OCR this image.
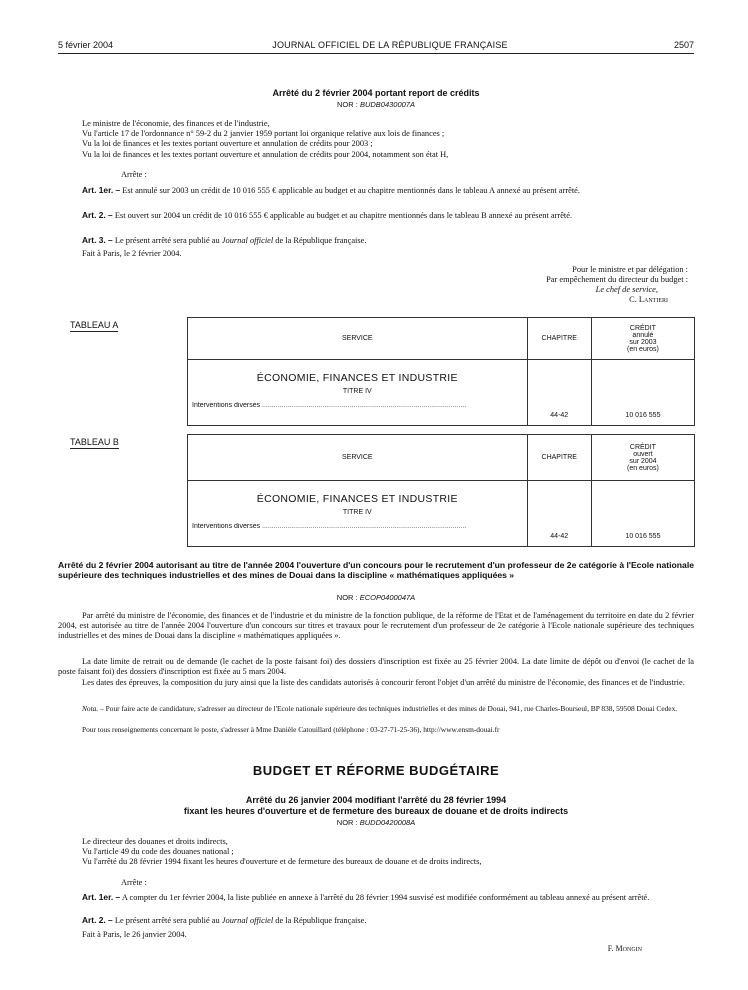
5 février 2004	JOURNAL OFFICIEL DE LA RÉPUBLIQUE FRANÇAISE	2507
Arrêté du 2 février 2004 portant report de crédits
NOR : BUDB0430007A
Le ministre de l'économie, des finances et de l'industrie,
Vu l'article 17 de l'ordonnance n° 59-2 du 2 janvier 1959 portant loi organique relative aux lois de finances ;
Vu la loi de finances et les textes portant ouverture et annulation de crédits pour 2003 ;
Vu la loi de finances et les textes portant ouverture et annulation de crédits pour 2004, notamment son état H,
Arrête :
Art. 1er. – Est annulé sur 2003 un crédit de 10 016 555 € applicable au budget et au chapitre mentionnés dans le tableau A annexé au présent arrêté.
Art. 2. – Est ouvert sur 2004 un crédit de 10 016 555 € applicable au budget et au chapitre mentionnés dans le tableau B annexé au présent arrêté.
Art. 3. – Le présent arrêté sera publié au Journal officiel de la République française.
Fait à Paris, le 2 février 2004.
Pour le ministre et par délégation :
Par empêchement du directeur du budget :
Le chef de service,
C. Lantieri
TABLEAU A
SERVICE	CHAPITRE	CRÉDIT
annulé
sur 2003
(en euros)

ÉCONOMIE, FINANCES ET INDUSTRIE
TITRE IV
Interventions diverses .........................................................................................................	44-42	10 016 555
TABLEAU B
SERVICE	CHAPITRE	CRÉDIT
ouvert
sur 2004
(en euros)

ÉCONOMIE, FINANCES ET INDUSTRIE
TITRE IV
Interventions diverses .........................................................................................................	44-42	10 016 555
Arrêté du 2 février 2004 autorisant au titre de l'année 2004 l'ouverture d'un concours pour le recrutement d'un professeur de 2e catégorie à l'Ecole nationale supérieure des techniques industrielles et des mines de Douai dans la discipline « mathématiques appliquées »
NOR : ECOP0400047A
Par arrêté du ministre de l'économie, des finances et de l'industrie et du ministre de la fonction publique, de la réforme de l'Etat et de l'aménagement du territoire en date du 2 février 2004, est autorisée au titre de l'année 2004 l'ouverture d'un concours sur titres et travaux pour le recrutement d'un professeur de 2e catégorie à l'Ecole nationale supérieure des techniques industrielles et des mines de Douai dans la discipline « mathématiques appliquées ».
La date limite de retrait ou de demande (le cachet de la poste faisant foi) des dossiers d'inscription est fixée au 25 février 2004. La date limite de dépôt ou d'envoi (le cachet de la poste faisant foi) des dossiers d'inscription est fixée au 5 mars 2004.
Les dates des épreuves, la composition du jury ainsi que la liste des candidats autorisés à concourir feront l'objet d'un arrêté du ministre de l'économie, des finances et de l'industrie.
Nota. – Pour faire acte de candidature, s'adresser au directeur de l'Ecole nationale supérieure des techniques industrielles et des mines de Douai, 941, rue Charles-Bourseul, BP 838, 59508 Douai Cedex.
Pour tous renseignements concernant le poste, s'adresser à Mme Danièle Catouillard (téléphone : 03-27-71-25-36), http://www.ensm-douai.fr
BUDGET ET RÉFORME BUDGÉTAIRE
Arrêté du 26 janvier 2004 modifiant l'arrêté du 28 février 1994
fixant les heures d'ouverture et de fermeture des bureaux de douane et de droits indirects
NOR : BUDD0420008A
Le directeur des douanes et droits indirects,
Vu l'article 49 du code des douanes national ;
Vu l'arrêté du 28 février 1994 fixant les heures d'ouverture et de fermeture des bureaux de douane et de droits indirects,
Arrête :
Art. 1er. – A compter du 1er février 2004, la liste publiée en annexe à l'arrêté du 28 février 1994 susvisé est modifiée conformément au tableau annexé au présent arrêté.
Art. 2. – Le présent arrêté sera publié au Journal officiel de la République française.
Fait à Paris, le 26 janvier 2004.
F. Mongin
